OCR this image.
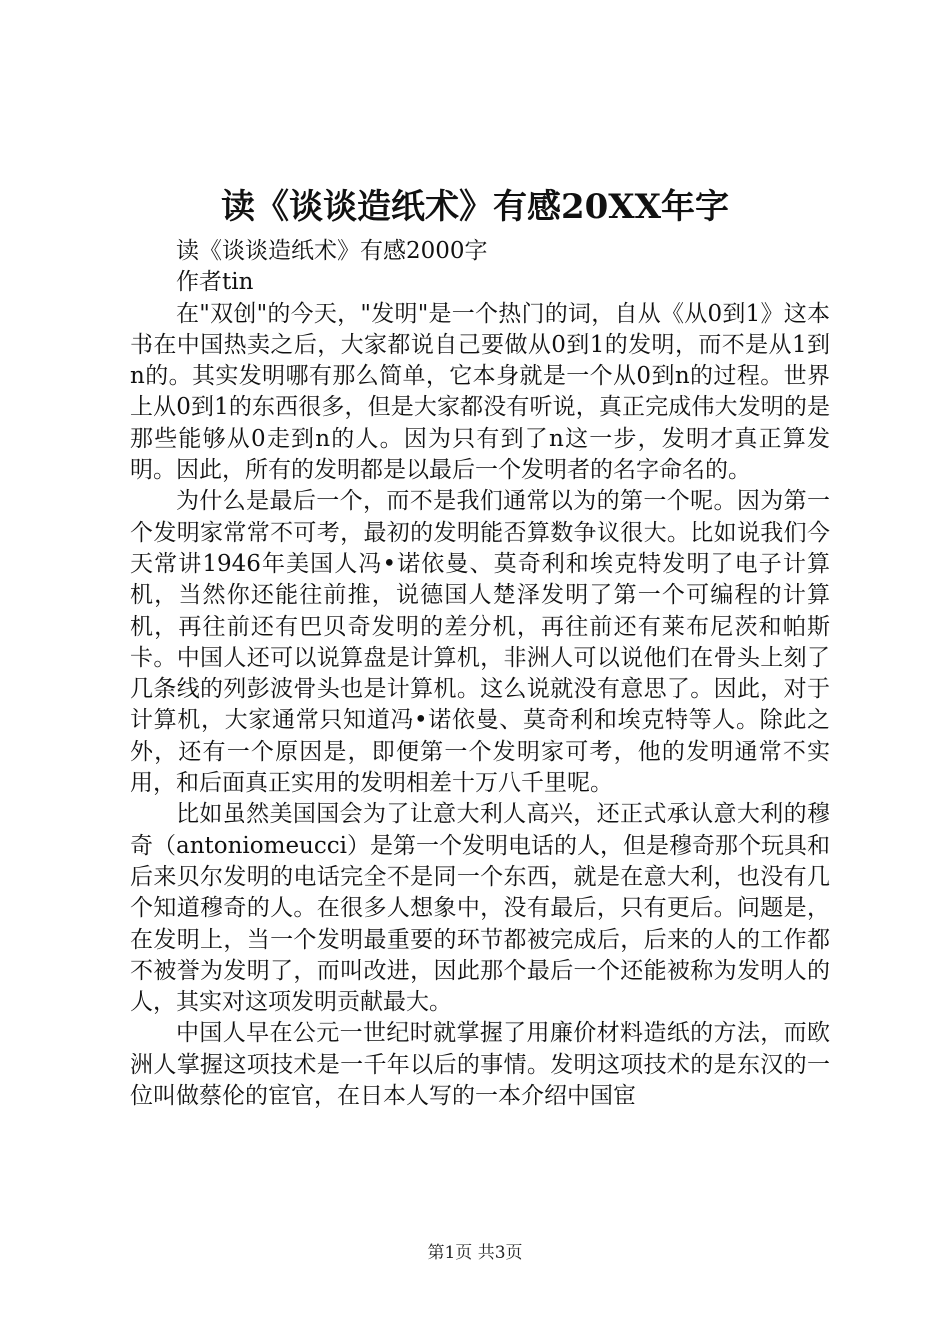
读《谈谈造纸术》有感20XX年字

读《谈谈造纸术》有感2000字

作者tin

在"双创"的今天，"发明"是一个热门的词，自从《从0到1》这本书在中国热卖之后，大家都说自己要做从0到1的发明，而不是从1到n的。其实发明哪有那么简单，它本身就是一个从0到n的过程。世界上从0到1的东西很多，但是大家都没有听说，真正完成伟大发明的是那些能够从0走到n的人。因为只有到了n这一步，发明才真正算发明。因此，所有的发明都是以最后一个发明者的名字命名的。

为什么是最后一个，而不是我们通常以为的第一个呢。因为第一个发明家常常不可考，最初的发明能否算数争议很大。比如说我们今天常讲1946年美国人冯•诺依曼、莫奇利和埃克特发明了电子计算机，当然你还能往前推，说德国人楚泽发明了第一个可编程的计算机，再往前还有巴贝奇发明的差分机，再往前还有莱布尼茨和帕斯卡。中国人还可以说算盘是计算机，非洲人可以说他们在骨头上刻了几条线的列彭波骨头也是计算机。这么说就没有意思了。因此，对于计算机，大家通常只知道冯•诺依曼、莫奇利和埃克特等人。除此之外，还有一个原因是，即便第一个发明家可考，他的发明通常不实用，和后面真正实用的发明相差十万八千里呢。

比如虽然美国国会为了让意大利人高兴，还正式承认意大利的穆奇（antoniomeucci）是第一个发明电话的人，但是穆奇那个玩具和后来贝尔发明的电话完全不是同一个东西，就是在意大利，也没有几个知道穆奇的人。在很多人想象中，没有最后，只有更后。问题是，在发明上，当一个发明最重要的环节都被完成后，后来的人的工作都不被誉为发明了，而叫改进，因此那个最后一个还能被称为发明人的人，其实对这项发明贡献最大。

中国人早在公元一世纪时就掌握了用廉价材料造纸的方法，而欧洲人掌握这项技术是一千年以后的事情。发明这项技术的是东汉的一位叫做蔡伦的宦官，在日本人写的一本介绍中国宦

第1页 共3页
